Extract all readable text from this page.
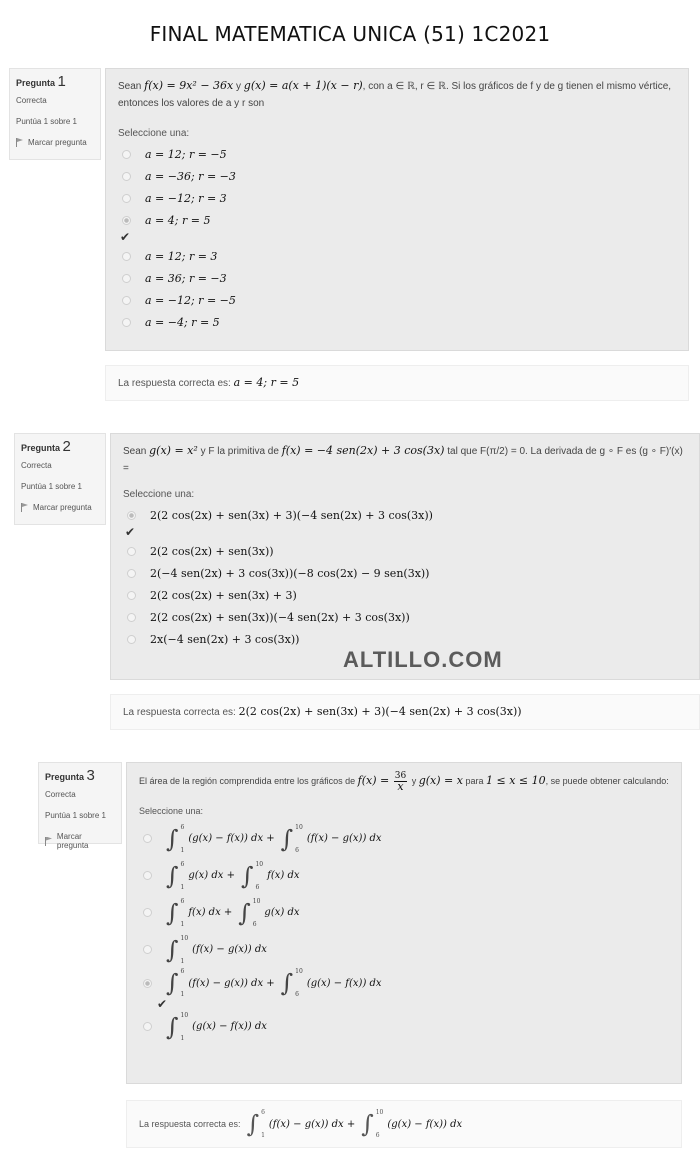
FINAL MATEMATICA UNICA (51) 1C2021
Pregunta 1
Correcta
Puntúa 1 sobre 1
Marcar pregunta
Sean f(x) = 9x² − 36x y g(x) = a(x + 1)(x − r), con a ∈ ℝ, r ∈ ℝ. Si los gráficos de f y de g tienen el mismo vértice, entonces los valores de a y r son
Seleccione una:
a = 12; r = −5
a = −36; r = −3
a = −12; r = 3
a = 4; r = 5
✔
a = 12; r = 3
a = 36; r = −3
a = −12; r = −5
a = −4; r = 5
La respuesta correcta es: a = 4; r = 5
Pregunta 2
Correcta
Puntúa 1 sobre 1
Marcar pregunta
Sean g(x) = x² y F la primitiva de f(x) = −4 sen(2x) + 3 cos(3x) tal que F(π/2) = 0. La derivada de g ∘ F es (g ∘ F)′(x) =
Seleccione una:
2(2 cos(2x) + sen(3x) + 3)(−4 sen(2x) + 3 cos(3x))
✔
2(2 cos(2x) + sen(3x))
2(−4 sen(2x) + 3 cos(3x))(−8 cos(2x) − 9 sen(3x))
2(2 cos(2x) + sen(3x) + 3)
2(2 cos(2x) + sen(3x))(−4 sen(2x) + 3 cos(3x))
2x(−4 sen(2x) + 3 cos(3x))
ALTILLO.COM
La respuesta correcta es: 2(2 cos(2x) + sen(3x) + 3)(−4 sen(2x) + 3 cos(3x))
Pregunta 3
Correcta
Puntúa 1 sobre 1
Marcar pregunta
El área de la región comprendida entre los gráficos de $f(x) = \frac{36}{x}$ y g(x) = x para 1 ≤ x ≤ 10, se puede obtener calculando:
Seleccione una:
∫ 6
1
(g(x) − f(x)) dx + ∫ 10
6
(f(x) − g(x)) dx
∫ 6
1
g(x) dx + ∫ 10
6
f(x) dx
∫ 6
1
f(x) dx + ∫ 10
6
g(x) dx
∫ 10
1
(f(x) − g(x)) dx
∫ 6
1
(f(x) − g(x)) dx + ∫ 10
6
(g(x) − f(x)) dx
✔
∫ 10
1
(g(x) − f(x)) dx
La respuesta correcta es: ∫ 6
1
(f(x) − g(x)) dx + ∫ 10
6
(g(x) − f(x)) dx
